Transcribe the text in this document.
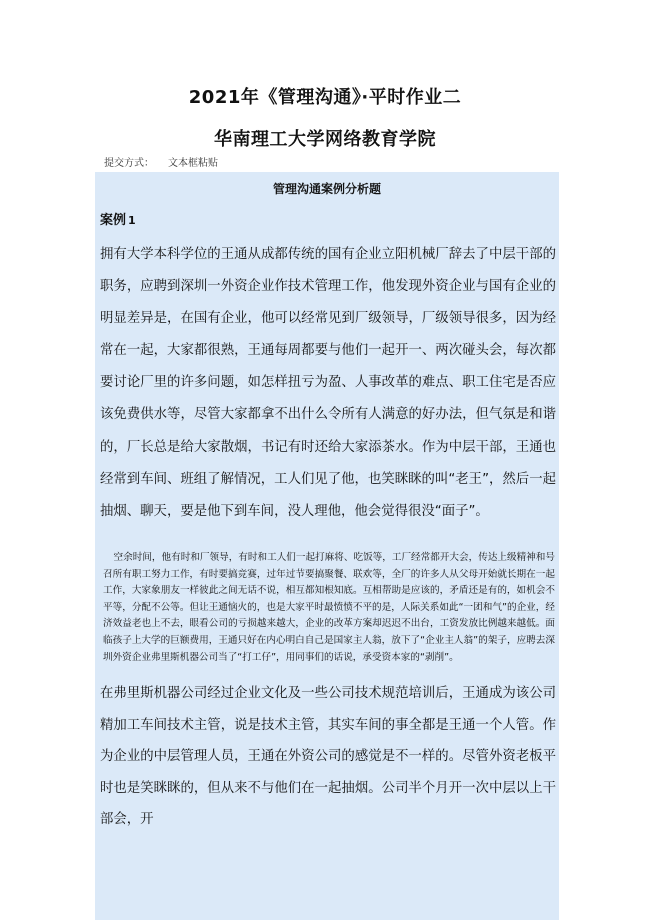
2021年《管理沟通》·平时作业二
华南理工大学网络教育学院
提交方式： 文本框粘贴
管理沟通案例分析题
案例 1

拥有大学本科学位的王通从成都传统的国有企业立阳机械厂辞去了中层干部的职务，应聘到深圳一外资企业作技术管理工作，他发现外资企业与国有企业的明显差异是，在国有企业，他可以经常见到厂级领导，厂级领导很多，因为经常在一起，大家都很熟，王通每周都要与他们一起开一、两次碰头会，每次都要讨论厂里的许多问题，如怎样扭亏为盈、人事改革的难点、职工住宅是否应该免费供水等，尽管大家都拿不出什么令所有人满意的好办法，但气氛是和谐的，厂长总是给大家散烟，书记有时还给大家添茶水。作为中层干部，王通也经常到车间、班组了解情况，工人们见了他，也笑眯眯的叫“老王”，然后一起抽烟、聊天，要是他下到车间，没人理他，他会觉得很没“面子”。

空余时间，他有时和厂领导，有时和工人们一起打麻将、吃饭等，工厂经常都开大会，传达上级精神和号召所有职工努力工作，有时要搞竞赛，过年过节要搞聚餐、联欢等，全厂的许多人从父母开始就长期在一起工作，大家象朋友一样彼此之间无话不说，相互都知根知底。互相帮助是应该的，矛盾还是有的，如机会不平等，分配不公等。但让王通恼火的，也是大家平时最愤愤不平的是，人际关系如此“一团和气”的企业，经济效益老也上不去，眼看公司的亏损越来越大，企业的改革方案却迟迟不出台，工资发放比例越来越低。面临孩子上大学的巨额费用，王通只好在内心明白自己是国家主人翁，放下了“企业主人翁”的架子，应聘去深圳外资企业弗里斯机器公司当了“打工仔”，用同事们的话说，承受资本家的“剥削”。

在弗里斯机器公司经过企业文化及一些公司技术规范培训后，王通成为该公司精加工车间技术主管，说是技术主管，其实车间的事全都是王通一个人管。作为企业的中层管理人员，王通在外资公司的感觉是不一样的。尽管外资老板平时也是笑眯眯的，但从来不与他们在一起抽烟。公司半个月开一次中层以上干部会，开
